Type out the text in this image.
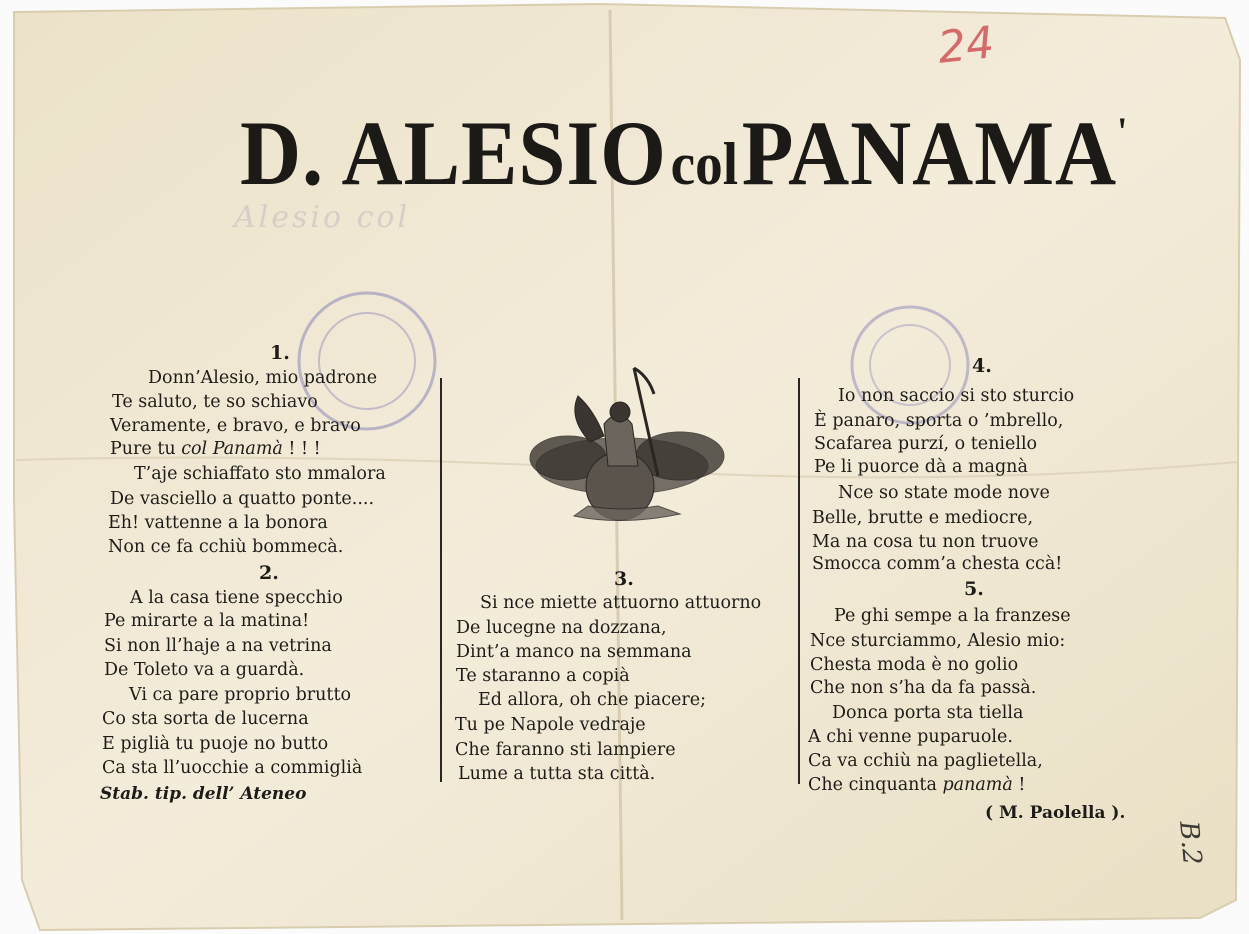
24
Alesio col
D. ALESIO col PANAMA'
1.
Donn’Alesio, mio padrone
Te saluto, te so schiavo
Veramente, e bravo, e bravo
Pure tu col Panamà ! ! !
T’aje schiaffato sto mmalora
De vasciello a quatto ponte....
Eh! vattenne a la bonora
Non ce fa cchiù bommecà.
2.
A la casa tiene specchio
Pe mirarte a la matina!
Si non ll’haje a na vetrina
De Toleto va a guardà.
Vi ca pare proprio brutto
Co sta sorta de lucerna
E piglià tu puoje no butto
Ca sta ll’uocchie a commiglià
Stab. tip. dell’ Ateneo
3.
Si nce miette attuorno attuorno
De lucegne na dozzana,
Dint’a manco na semmana
Te staranno a copià
Ed allora, oh che piacere;
Tu pe Napole vedraje
Che faranno sti lampiere
Lume a tutta sta città.
4.
Io non saccio si sto sturcio
È panaro, sporta o ’mbrello,
Scafarea purzí, o teniello
Pe li puorce dà a magnà
Nce so state mode nove
Belle, brutte e mediocre,
Ma na cosa tu non truove
Smocca comm’a chesta ccà!
5.
Pe ghi sempe a la franzese
Nce sturciammo, Alesio mio:
Chesta moda è no golio
Che non s’ha da fa passà.
Donca porta sta tiella
A chi venne puparuole.
Ca va cchiù na paglietella,
Che cinquanta panamà !
( M. Paolella ).
B.2
